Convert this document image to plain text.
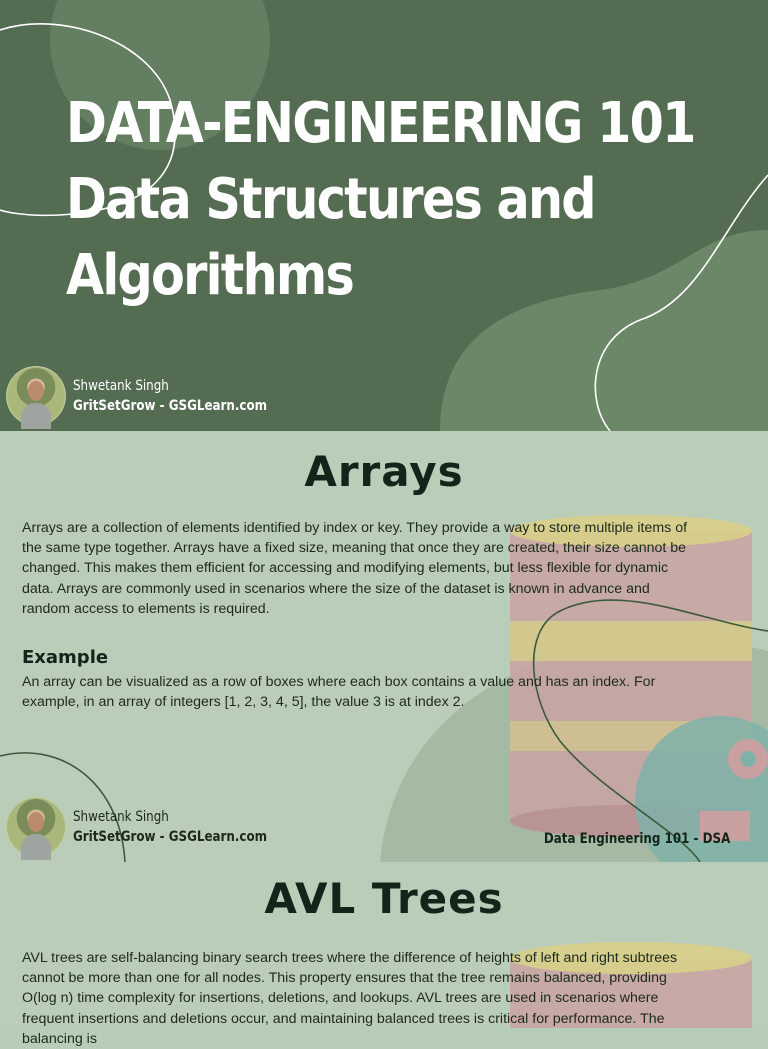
DATA-ENGINEERING 101
Data Structures and
Algorithms
Shwetank Singh
GritSetGrow - GSGLearn.com
Arrays

Arrays are a collection of elements identified by index or key. They provide a way to store multiple items of the same type together. Arrays have a fixed size, meaning that once they are created, their size cannot be changed. This makes them efficient for accessing and modifying elements, but less flexible for dynamic data. Arrays are commonly used in scenarios where the size of the dataset is known in advance and random access to elements is required.

Example

An array can be visualized as a row of boxes where each box contains a value and has an index. For example, in an array of integers [1, 2, 3, 4, 5], the value 3 is at index 2.

Shwetank Singh
GritSetGrow - GSGLearn.com	Data Engineering 101 - DSA
AVL Trees

AVL trees are self-balancing binary search trees where the difference of heights of left and right subtrees cannot be more than one for all nodes. This property ensures that the tree remains balanced, providing O(log n) time complexity for insertions, deletions, and lookups. AVL trees are used in scenarios where frequent insertions and deletions occur, and maintaining balanced trees is critical for performance. The balancing is
